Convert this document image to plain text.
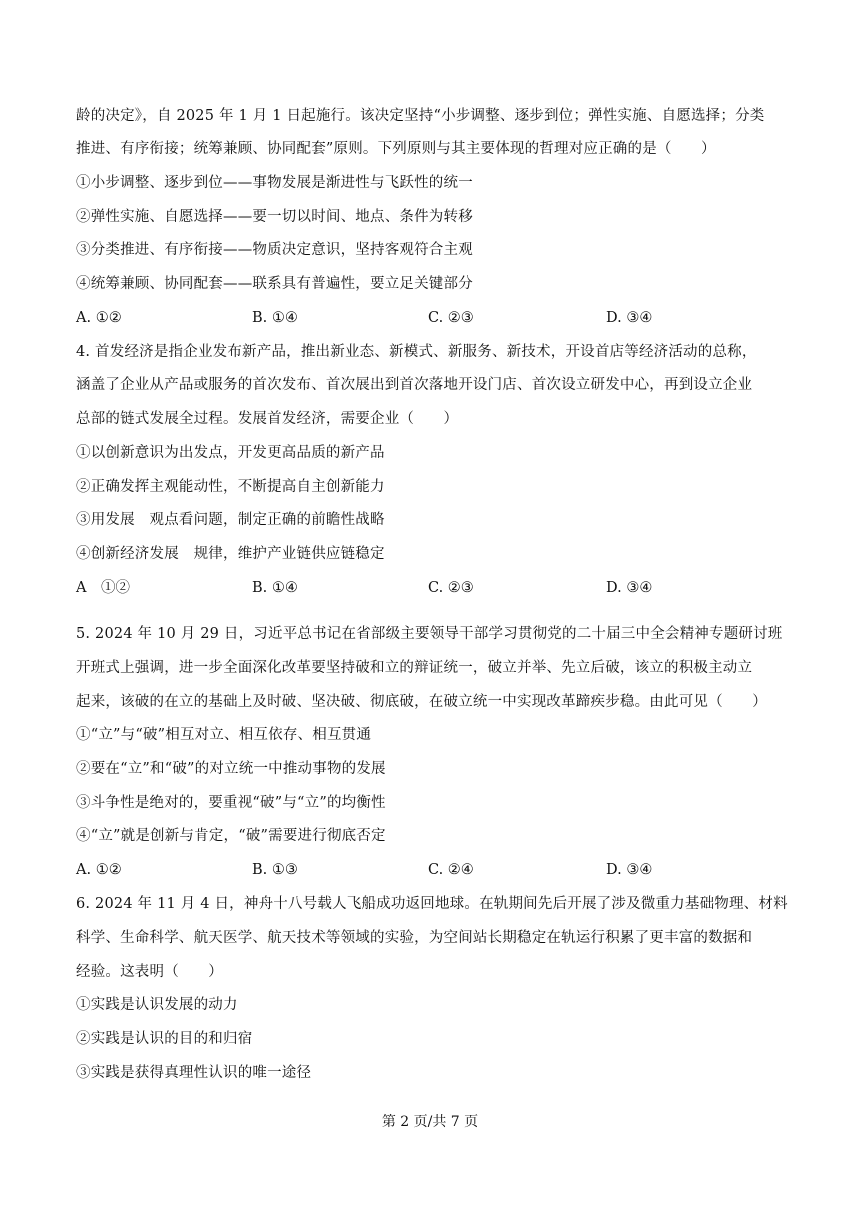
龄的决定》，自 2025 年 1 月 1 日起施行。该决定坚持“小步调整、逐步到位；弹性实施、自愿选择；分类
推进、有序衔接；统筹兼顾、协同配套”原则。下列原则与其主要体现的哲理对应正确的是（　　）
①小步调整、逐步到位——事物发展是渐进性与飞跃性的统一
②弹性实施、自愿选择——要一切以时间、地点、条件为转移
③分类推进、有序衔接——物质决定意识，坚持客观符合主观
④统筹兼顾、协同配套——联系具有普遍性，要立足关键部分
A. ①②	B. ①④	C. ②③	D. ③④
4. 首发经济是指企业发布新产品，推出新业态、新模式、新服务、新技术，开设首店等经济活动的总称，
涵盖了企业从产品或服务的首次发布、首次展出到首次落地开设门店、首次设立研发中心，再到设立企业
总部的链式发展全过程。发展首发经济，需要企业（　　）
①以创新意识为出发点，开发更高品质的新产品
②正确发挥主观能动性，不断提高自主创新能力
③用发展　观点看问题，制定正确的前瞻性战略
④创新经济发展　规律，维护产业链供应链稳定
A　①②	B. ①④	C. ②③	D. ③④
5. 2024 年 10 月 29 日，习近平总书记在省部级主要领导干部学习贯彻党的二十届三中全会精神专题研讨班
开班式上强调，进一步全面深化改革要坚持破和立的辩证统一，破立并举、先立后破，该立的积极主动立
起来，该破的在立的基础上及时破、坚决破、彻底破，在破立统一中实现改革蹄疾步稳。由此可见（　　）
①“立”与“破”相互对立、相互依存、相互贯通
②要在“立”和“破”的对立统一中推动事物的发展
③斗争性是绝对的，要重视“破”与“立”的均衡性
④“立”就是创新与肯定，“破”需要进行彻底否定
A. ①②	B. ①③	C. ②④	D. ③④
6. 2024 年 11 月 4 日，神舟十八号载人飞船成功返回地球。在轨期间先后开展了涉及微重力基础物理、材料
科学、生命科学、航天医学、航天技术等领域的实验，为空间站长期稳定在轨运行积累了更丰富的数据和
经验。这表明（　　）
①实践是认识发展的动力
②实践是认识的目的和归宿
③实践是获得真理性认识的唯一途径
第 2 页/共 7 页
